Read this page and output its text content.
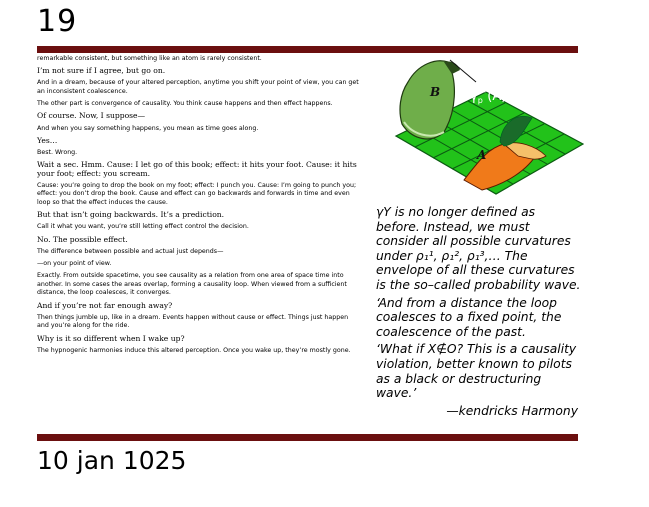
19

remarkable consistent, but something like an atom is rarely consistent.

I’m not sure if I agree, but go on.

And in a dream, because of your altered perception, anytime you shift your point of view, you can get an inconsistent coalescence.

The other part is convergence of causality. You think cause happens and then effect happens.

Of course. Now, I suppose—

And when you say something happens, you mean as time goes along.

Yes…

Best. Wrong.

Wait a sec. Hmm. Cause: I let go of this book; effect: it hits your foot. Cause: it hits your foot; effect: you scream.

Cause: you’re going to drop the book on my foot; effect: I punch you. Cause: I’m going to punch you; effect: you don’t drop the book. Cause and effect can go backwards and forwards in time and even loop so that the effect induces the cause.

But that isn’t going backwards. It’s a prediction.

Call it what you want, you’re still letting effect control the decision.

No. The possible effect.

The difference between possible and actual just depends—

—on your point of view.

Exactly. From outside spacetime, you see causality as a relation from one area of space time into another. In some cases the areas overlap, forming a causality loop. When viewed from a sufficient distance, the loop coalesces, it converges.

And if you’re not far enough away?

Then things jumble up, like in a dream. Events happen without cause or effect. Things just happen and you’re along for the ride.

Why is it so different when I wake up?

The hypnogenic harmonies induce this altered perception. Once you wake up, they’re mostly gone.

A
B $\gamma_p^*(A)$ = κ(A∪B)

γY is no longer defined as before. Instead, we must consider all possible curvatures under ρ₁¹, ρ₁², ρ₁³,… The envelope of all these curvatures is the so–called probability wave.

‘And from a distance the loop coalesces to a fixed point, the coalescence of the past.

‘What if X∉O? This is a causality violation, better known to pilots as a black or destructuring wave.’

—kendricks Harmony

10 jan 1025
